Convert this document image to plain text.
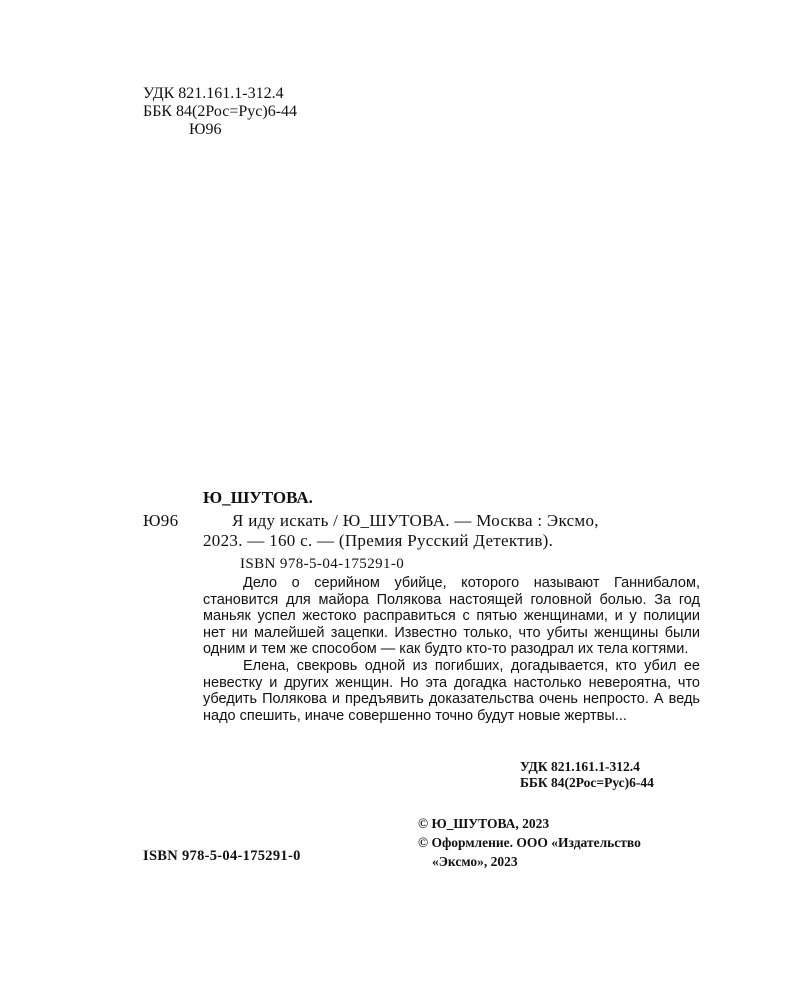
УДК 821.161.1-312.4
ББК 84(2Рос=Рус)6-44
Ю96
Ю_ШУТОВА.
Ю96	Я иду искать / Ю_ШУТОВА. — Москва : Эксмо,
2023. — 160 с. — (Премия Русский Детектив).
ISBN 978-5-04-175291-0

Дело о серийном убийце, которого называют Ганнибалом, становится для майора Полякова настоящей головной болью. За год маньяк успел жестоко расправиться с пятью женщинами, и у полиции нет ни малейшей зацепки. Известно только, что убиты женщины были одним и тем же способом — как будто кто-то разодрал их тела когтями.

Елена, свекровь одной из погибших, догадывается, кто убил ее невестку и других женщин. Но эта догадка настолько невероятна, что убедить Полякова и предъявить доказательства очень непросто. А ведь надо спешить, иначе совершенно точно будут новые жертвы...

УДК 821.161.1-312.4
ББК 84(2Рос=Рус)6-44
© Ю_ШУТОВА, 2023
© Оформление. ООО «Издательство
«Эксмо», 2023
ISBN 978-5-04-175291-0
